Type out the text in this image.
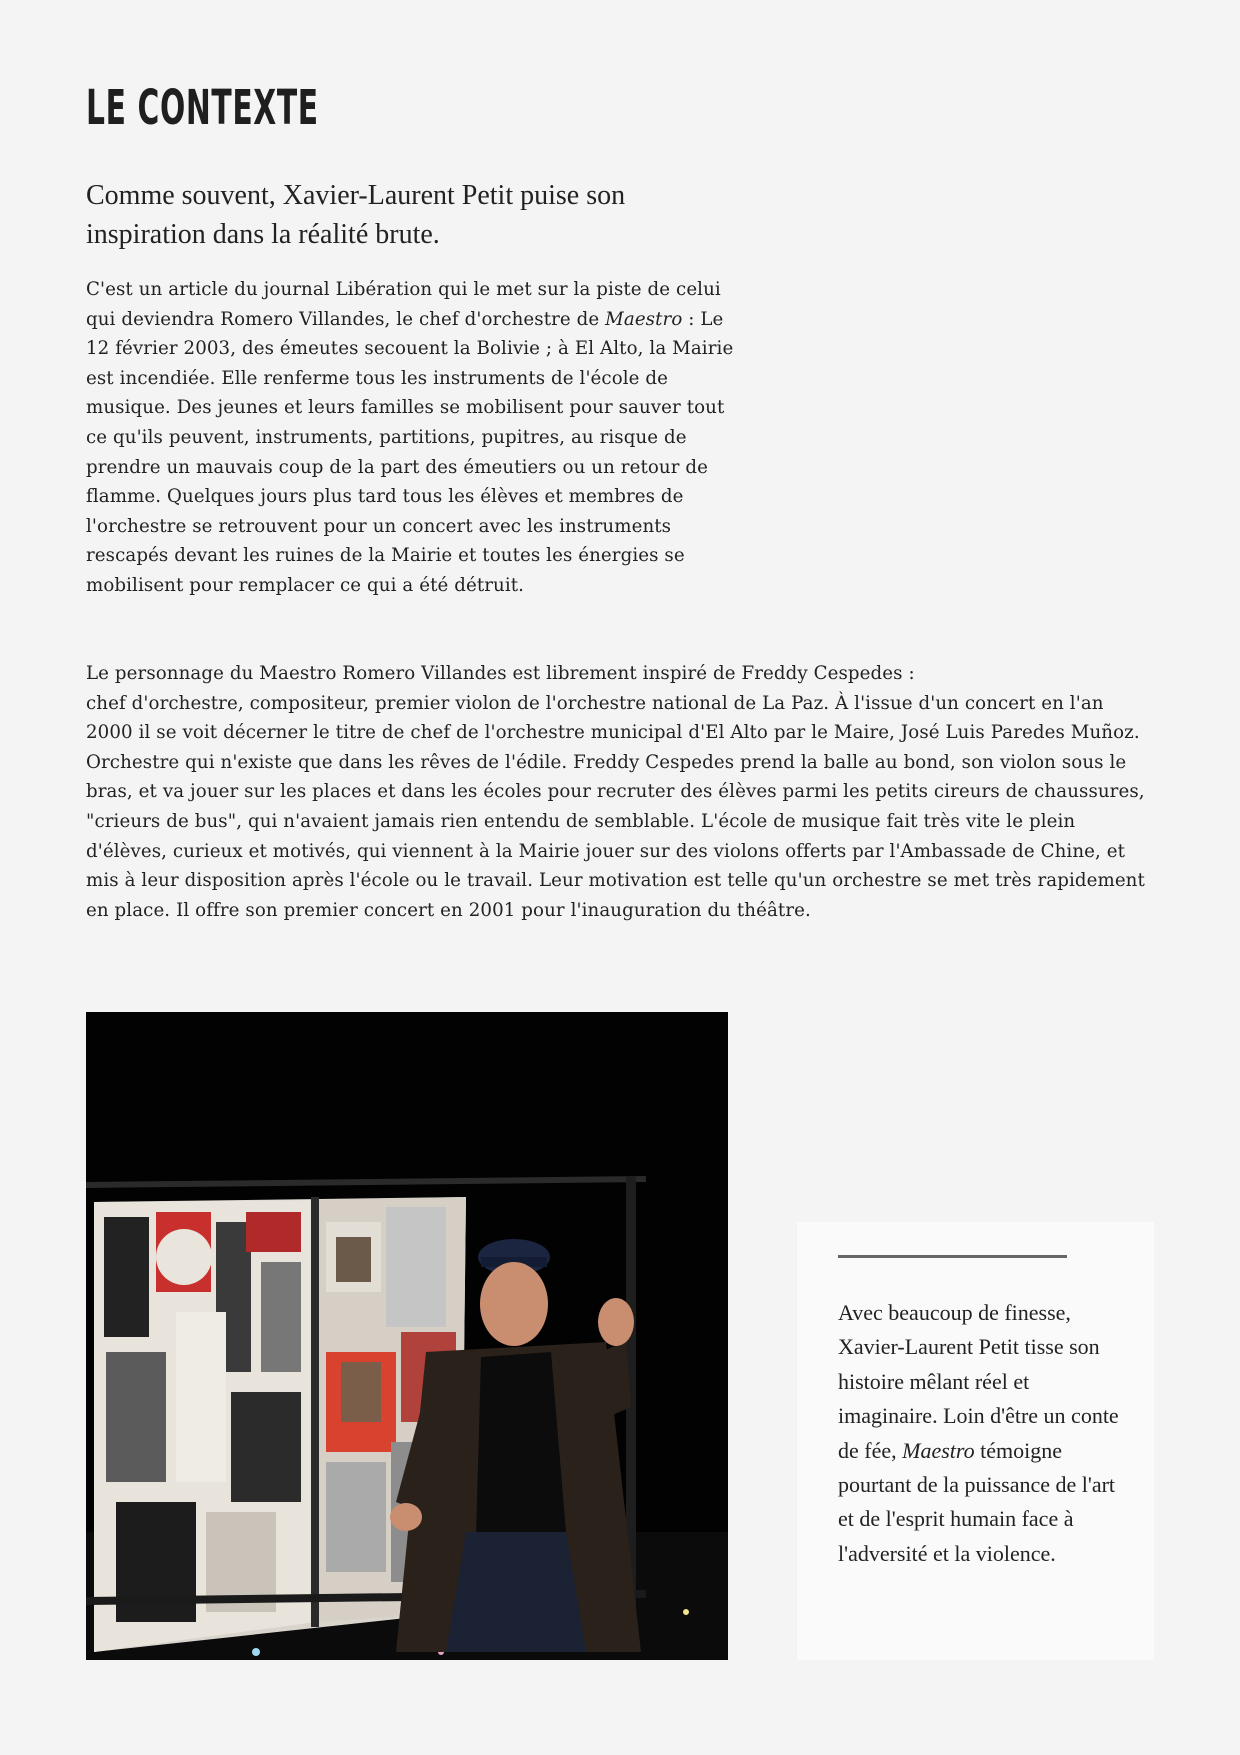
LE CONTEXTE

Comme souvent, Xavier-Laurent Petit puise son inspiration dans la réalité brute.

C'est un article du journal Libération qui le met sur la piste de celui qui deviendra Romero Villandes, le chef d'orchestre de Maestro : Le 12 février 2003, des émeutes secouent la Bolivie ; à El Alto, la Mairie est incendiée. Elle renferme tous les instruments de l'école de musique. Des jeunes et leurs familles se mobilisent pour sauver tout ce qu'ils peuvent, instruments, partitions, pupitres, au risque de prendre un mauvais coup de la part des émeutiers ou un retour de flamme. Quelques jours plus tard tous les élèves et membres de l'orchestre se retrouvent pour un concert avec les instruments rescapés devant les ruines de la Mairie et toutes les énergies se mobilisent pour remplacer ce qui a été détruit.

Le personnage du Maestro Romero Villandes est librement inspiré de Freddy Cespedes :
chef d'orchestre, compositeur, premier violon de l'orchestre national de La Paz. À l'issue d'un concert en l'an 2000 il se voit décerner le titre de chef de l'orchestre municipal d'El Alto par le Maire, José Luis Paredes Muñoz. Orchestre qui n'existe que dans les rêves de l'édile. Freddy Cespedes prend la balle au bond, son violon sous le bras, et va jouer sur les places et dans les écoles pour recruter des élèves parmi les petits cireurs de chaussures, "crieurs de bus", qui n'avaient jamais rien entendu de semblable. L'école de musique fait très vite le plein d'élèves, curieux et motivés, qui viennent à la Mairie jouer sur des violons offerts par l'Ambassade de Chine, et mis à leur disposition après l'école ou le travail. Leur motivation est telle qu'un orchestre se met très rapidement en place. Il offre son premier concert en 2001 pour l'inauguration du théâtre.

Avec beaucoup de finesse, Xavier-Laurent Petit tisse son histoire mêlant réel et imaginaire. Loin d'être un conte de fée, Maestro témoigne pourtant de la puissance de l'art et de l'esprit humain face à l'adversité et la violence.
